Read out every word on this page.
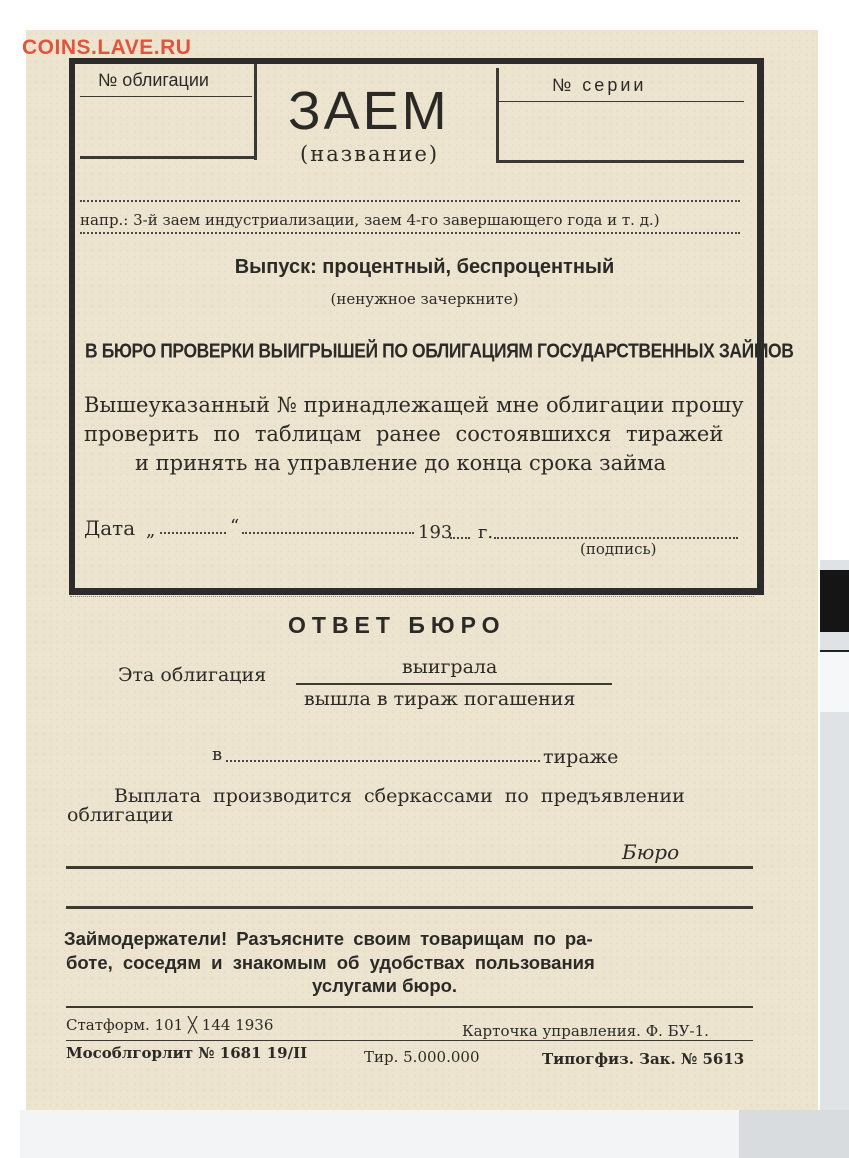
COINS.LAVE.RU
№ облигации	№ серии
ЗАЕМ
(название)
напр.: 3-й заем индустриализации, заем 4-го завершающего года и т. д.)
Выпуск: процентный, беспроцентный
(ненужное зачеркните)
В БЮРО ПРОВЕРКИ ВЫИГРЫШЕЙ ПО ОБЛИГАЦИЯМ ГОСУДАРСТВЕННЫХ ЗАЙМОВ
Вышеуказанный № принадлежащей мне облигации прошу
проверить по таблицам ранее состоявшихся тиражей
и принять на управление до конца срока займа
Дата „	“	193 г.
(подпись)
ОТВЕТ БЮРО
Эта облигация	выиграла
вышла в тираж погашения
в	тираже
Выплата производится сберкассами по предъявлении
облигации
Бюро
Займодержатели! Разъясните своим товарищам по ра-
боте, соседям и знакомым об удобствах пользования
услугами бюро.
Статформ. 101 ╳ 144 1936	Карточка управления. Ф. БУ-1.
Мособлгорлит № 1681 19/II	Тир. 5.000.000	Типогфиз. Зак. № 5613
